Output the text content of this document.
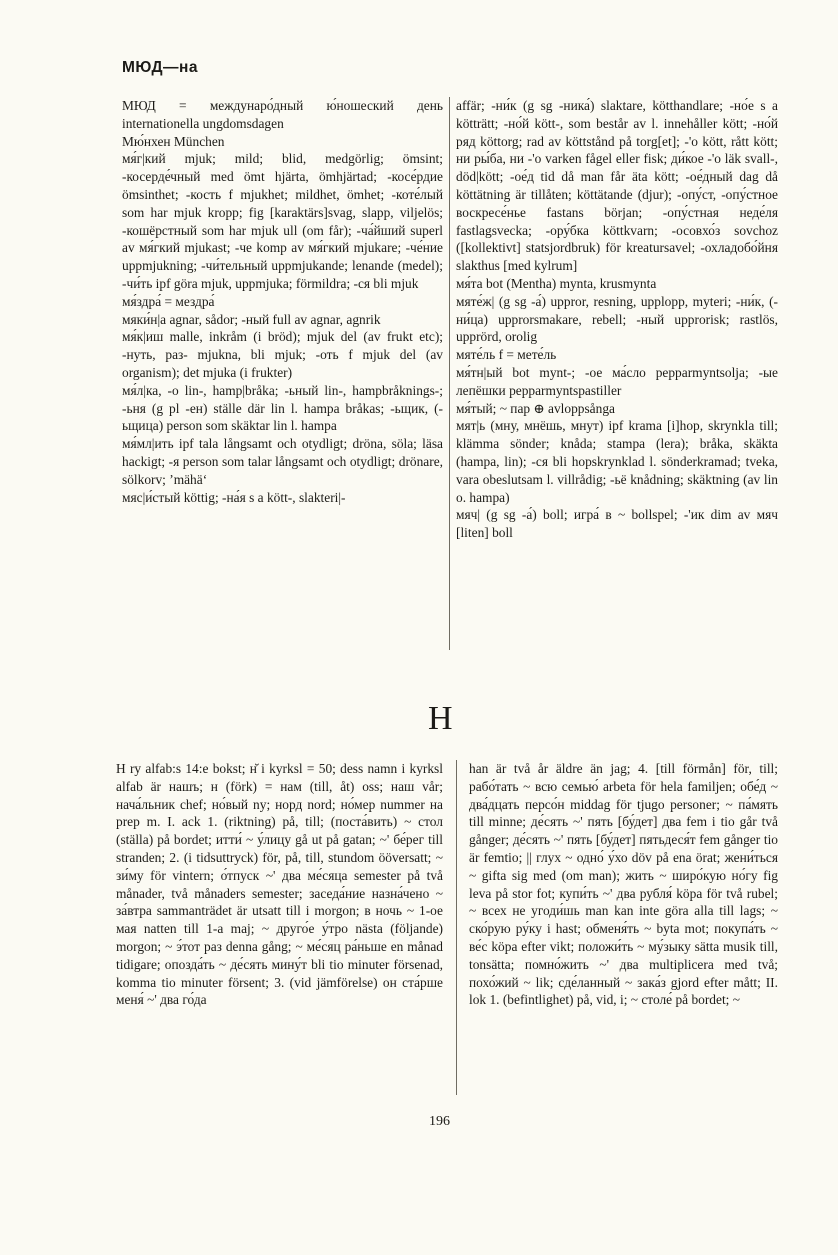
МЮД—на

МЮД = междунаро́дный ю́ношеский день internationella ungdomsdagen

Мю́нхен München

мя́г|кий mjuk; mild; blid, medgörlig; ömsint; -косерде́чный med ömt hjärta, ömhjärtad; -косе́рдие ömsinthet; -кость f mjukhet; mildhet, ömhet; -коте́лый som har mjuk kropp; fig [karaktärs]svag, slapp, viljelös; -кошёрстный som har mjuk ull (om får); -ча́йший superl av мя́гкий mjukast; -че komp av мя́гкий mjukare; -че́ние uppmjukning; -чи́тельный uppmjukande; lenande (medel); -чи́ть ipf göra mjuk, uppmjuka; förmildra; -ся bli mjuk

мя́здра́ = мездра́

мяки́н|а agnar, sådor; -ный full av agnar, agnrik

мя́к|иш malle, inkråm (i bröd); mjuk del (av frukt etc); -нуть, раз- mjukna, bli mjuk; -оть f mjuk del (av organism); det mjuka (i frukter)

мя́л|ка, -о lin-, hamp|bråka; -ьный lin-, hampbråknings-; -ьня (g pl -ен) ställe där lin l. hampa bråkas; -ьщик, (-ьщица) person som skäktar lin l. hampa

мя́мл|ить ipf tala långsamt och otydligt; dröna, söla; läsa hackigt; -я person som talar långsamt och otydligt; drönare, sölkorv; ’mähä‘

мяс|и́стый köttig; -на́я s a kött-, slakteri|-

affär; -ни́к (g sg -ника́) slaktare, kötthandlare; -но́е s a kötträtt; -но́й kött-, som består av l. innehåller kött; -но́й ряд köttorg; rad av köttstånd på torg[et]; -'о kött, rått kött; ни ры́ба, ни -'о varken fågel eller fisk; ди́кое -'о läk svall-, död|kött; -ое́д tid då man får äta kött; -ое́дный dag då köttätning är tillåten; köttätande (djur); -опу́ст, -опу́стное воскресе́нье fastans början; -опу́стная неде́ля fastlagsvecka; -ору́бка köttkvarn; -осовхо́з sovchoz ([kollektivt] statsjordbruk) för kreatursavel; -охладобо́йня slakthus [med kylrum]

мя́та bot (Mentha) mynta, krusmynta

мяте́ж| (g sg -а́) uppror, resning, upplopp, myteri; -ни́к, (-ни́ца) upprorsmakare, rebell; -ный upprorisk; rastlös, upprörd, orolig

мяте́ль f = мете́ль

мя́тн|ый bot mynt-; -ое ма́сло pepparmyntsolja; -ые лепёшки pepparmyntspastiller

мя́тый; ~ пар ⊕ avloppsånga

мят|ь (мну, мнёшь, мнут) ipf krama [i]hop, skrynkla till; klämma sönder; knåda; stampa (lera); bråka, skäkta (hampa, lin); -ся bli hopskrynklad l. sönderkramad; tveka, vara obeslutsam l. villrådig; -ьё knådning; skäktning (av lin o. hampa)

мяч| (g sg -а́) boll; игра́ в ~ bollspel; -'ик dim av мяч [liten] boll

Н

Н ry alfab:s 14:e bokst; н̆ i kyrksl = 50; dess namn i kyrksl alfab är нашъ; н (förk) = нам (till, åt) oss; наш vår; нача́льник chef; но́вый ny; норд nord; но́мер nummer на prep m. I. ack 1. (riktning) på, till; (поста́вить) ~ стол (ställa) på bordet; итти́ ~ у́лицу gå ut på gatan; ~' бе́рег till stranden; 2. (i tidsuttryck) för, på, till, stundom ööversatt; ~ зи́му för vintern; о́тпуск ~' два ме́сяца semester på två månader, två månaders semester; заседа́ние назна́чено ~ за́втра sammanträdet är utsatt till i morgon; в ночь ~ 1-ое мая natten till 1-a maj; ~ друго́е у́тро nästa (följande) morgon; ~ э́тот раз denna gång; ~ ме́сяц ра́ньше en månad tidigare; опозда́ть ~ де́сять мину́т bli tio minuter försenad, komma tio minuter försent; 3. (vid jämförelse) он ста́рше меня́ ~' два го́да

han är två år äldre än jag; 4. [till förmån] för, till; рабо́тать ~ всю семью́ arbeta för hela familjen; обе́д ~ два́дцать персо́н middag för tjugo personer; ~ па́мять till minne; де́сять ~' пять [бу́дет] два fem i tio går två gånger; де́сять ~' пять [бу́дет] пятьдеся́т fem gånger tio är femtio; || глух ~ одно́ у́хо döv på ena örat; жени́ться ~ gifta sig med (om man); жить ~ широ́кую но́гу fig leva på stor fot; купи́ть ~' два рубля́ köpa för två rubel; ~ всех не угоди́шь man kan inte göra alla till lags; ~ ско́рую ру́ку i hast; обменя́ть ~ byta mot; покупа́ть ~ ве́с köpa efter vikt; положи́ть ~ му́зыку sätta musik till, tonsätta; помно́жить ~' два multiplicera med två; похо́жий ~ lik; сде́ланный ~ зака́з gjord efter mått; II. lok 1. (befintlighet) på, vid, i; ~ столе́ på bordet; ~

196
